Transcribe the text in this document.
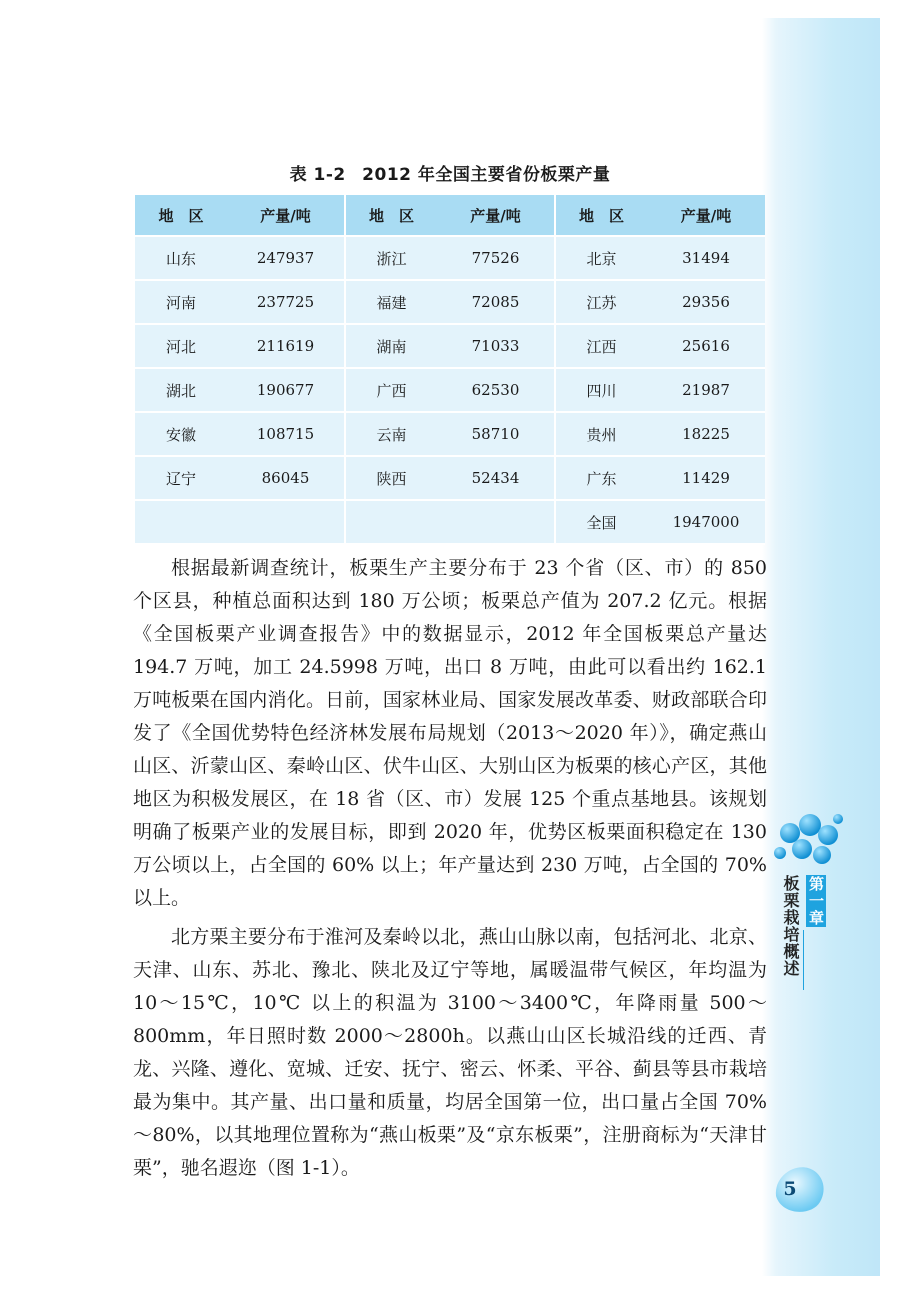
表 1-2 2012 年全国主要省份板栗产量
地　区	产量/吨	地　区	产量/吨	地　区	产量/吨
山东	247937	浙江	77526	北京	31494
河南	237725	福建	72085	江苏	29356
河北	211619	湖南	71033	江西	25616
湖北	190677	广西	62530	四川	21987
安徽	108715	云南	58710	贵州	18225
辽宁	86045	陕西	52434	广东	11429
				全国	1947000

根据最新调查统计，板栗生产主要分布于 23 个省（区、市）的 850 个区县，种植总面积达到 180 万公顷；板栗总产值为 207.2 亿元。根据《全国板栗产业调查报告》中的数据显示，2012 年全国板栗总产量达 194.7 万吨，加工 24.5998 万吨，出口 8 万吨，由此可以看出约 162.1 万吨板栗在国内消化。日前，国家林业局、国家发展改革委、财政部联合印发了《全国优势特色经济林发展布局规划（2013～2020 年）》，确定燕山山区、沂蒙山区、秦岭山区、伏牛山区、大别山区为板栗的核心产区，其他地区为积极发展区，在 18 省（区、市）发展 125 个重点基地县。该规划明确了板栗产业的发展目标，即到 2020 年，优势区板栗面积稳定在 130 万公顷以上，占全国的 60% 以上；年产量达到 230 万吨，占全国的 70% 以上。

北方栗主要分布于淮河及秦岭以北，燕山山脉以南，包括河北、北京、天津、山东、苏北、豫北、陕北及辽宁等地，属暖温带气候区，年均温为 10～15℃，10℃ 以上的积温为 3100～3400℃，年降雨量 500～800mm，年日照时数 2000～2800h。以燕山山区长城沿线的迁西、青龙、兴隆、遵化、宽城、迁安、抚宁、密云、怀柔、平谷、蓟县等县市栽培最为集中。其产量、出口量和质量，均居全国第一位，出口量占全国 70%～80%，以其地理位置称为“燕山板栗”及“京东板栗”，注册商标为“天津甘栗”，驰名遐迩（图 1-1）。

第一章
板栗栽培概述
5
